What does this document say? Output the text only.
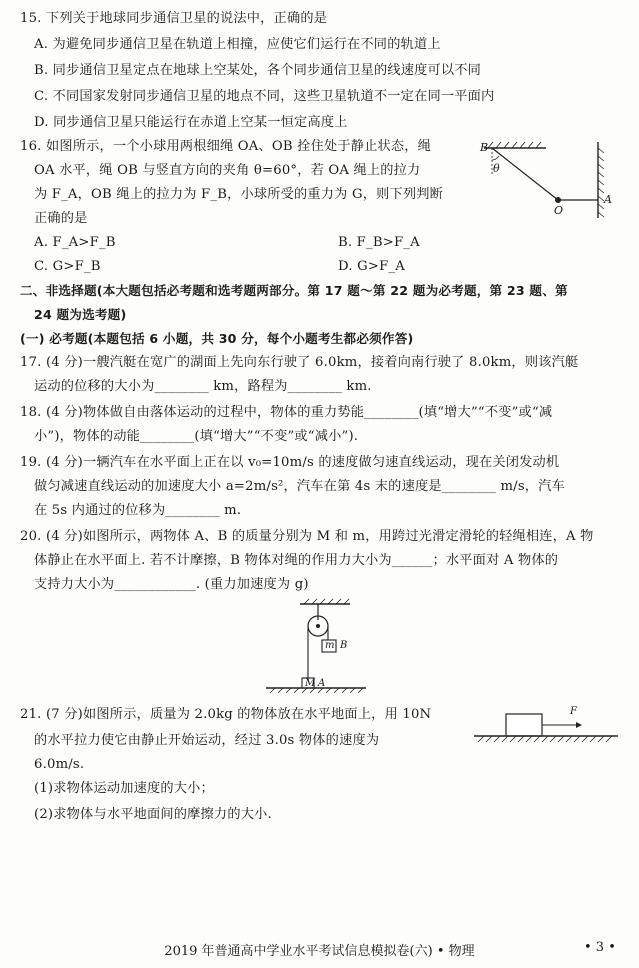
15. 下列关于地球同步通信卫星的说法中，正确的是
A. 为避免同步通信卫星在轨道上相撞，应使它们运行在不同的轨道上
B. 同步通信卫星定点在地球上空某处，各个同步通信卫星的线速度可以不同
C. 不同国家发射同步通信卫星的地点不同，这些卫星轨道不一定在同一平面内
D. 同步通信卫星只能运行在赤道上空某一恒定高度上
16. 如图所示，一个小球用两根细绳 OA、OB 拴住处于静止状态，绳
OA 水平，绳 OB 与竖直方向的夹角 θ=60°，若 OA 绳上的拉力
为 F_A，OB 绳上的拉力为 F_B，小球所受的重力为 G，则下列判断
正确的是
A. F_A>F_B	B. F_B>F_A
C. G>F_B	D. G>F_A
B
θ
O
A
二、非选择题(本大题包括必考题和选考题两部分。第 17 题～第 22 题为必考题，第 23 题、第
24 题为选考题)
(一) 必考题(本题包括 6 小题，共 30 分，每个小题考生都必须作答)
17. (4 分)一艘汽艇在宽广的湖面上先向东行驶了 6.0km，接着向南行驶了 8.0km，则该汽艇
运动的位移的大小为________ km，路程为________ km.
18. (4 分)物体做自由落体运动的过程中，物体的重力势能________(填“增大”“不变”或“减
小”)，物体的动能________(填“增大”“不变”或“减小”).
19. (4 分)一辆汽车在水平面上正在以 v₀=10m/s 的速度做匀速直线运动，现在关闭发动机
做匀减速直线运动的加速度大小 a=2m/s²，汽车在第 4s 末的速度是________ m/s，汽车
在 5s 内通过的位移为________ m.
20. (4 分)如图所示，两物体 A、B 的质量分别为 M 和 m，用跨过光滑定滑轮的轻绳相连，A 物
体静止在水平面上. 若不计摩擦，B 物体对绳的作用力大小为______；水平面对 A 物体的
支持力大小为____________. (重力加速度为 g)
m B
M A
21. (7 分)如图所示，质量为 2.0kg 的物体放在水平地面上，用 10N
的水平拉力使它由静止开始运动，经过 3.0s 物体的速度为
6.0m/s.
(1)求物体运动加速度的大小；
(2)求物体与水平地面间的摩擦力的大小.
F
2019 年普通高中学业水平考试信息模拟卷(六) • 物理	• 3 •
